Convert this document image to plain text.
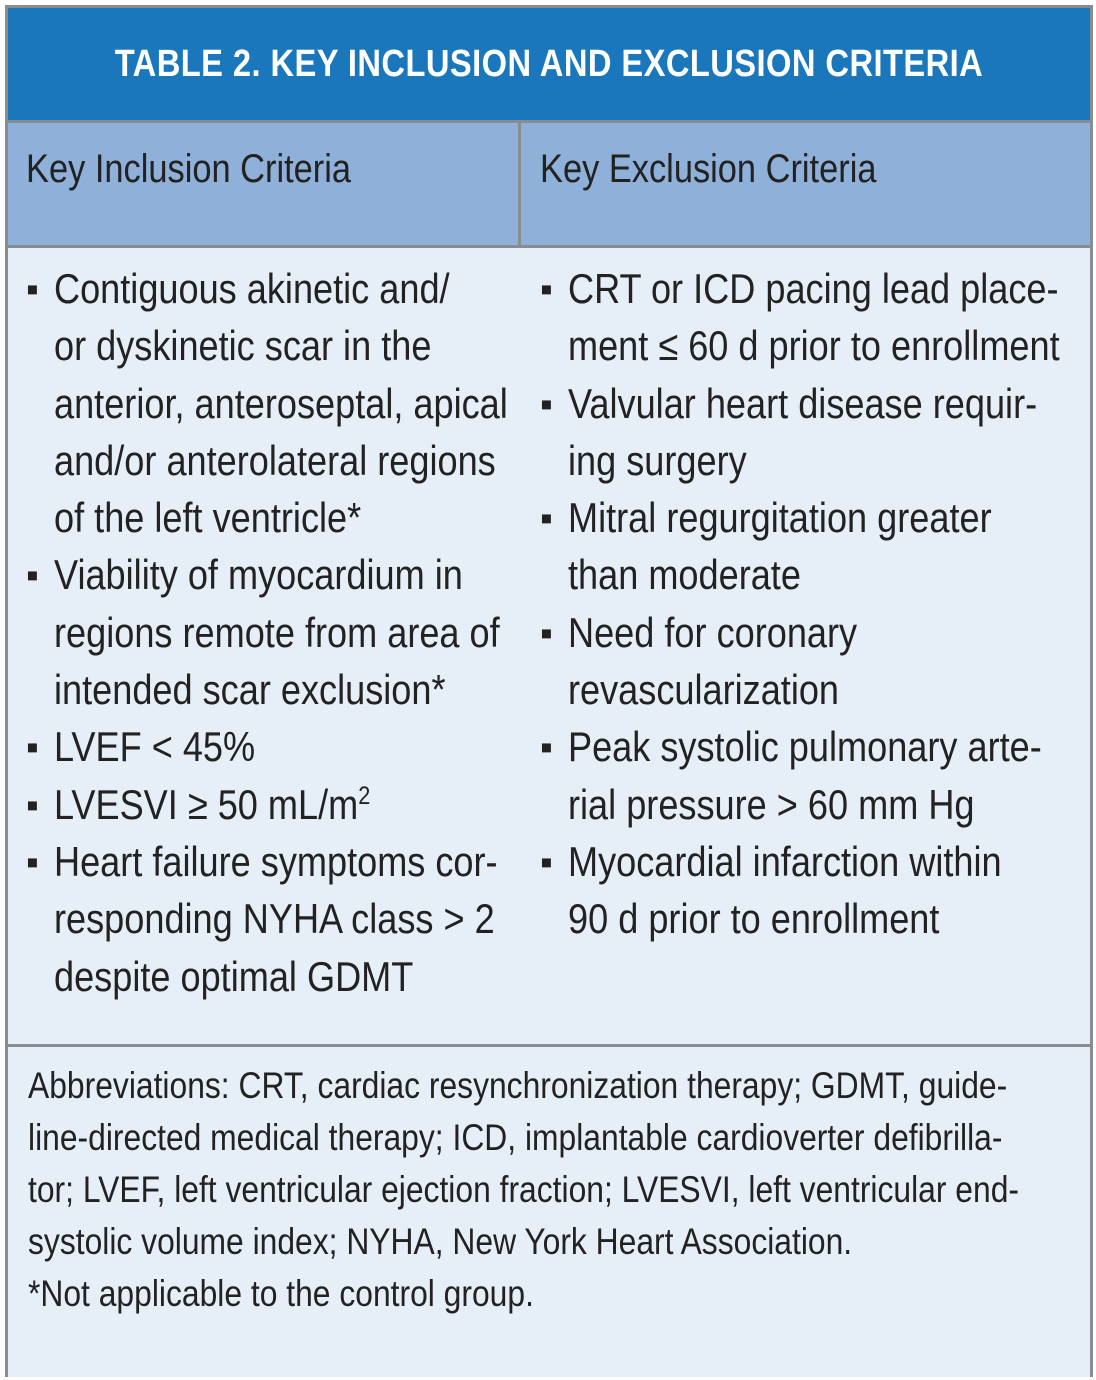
TABLE 2. KEY INCLUSION AND EXCLUSION CRITERIA
Key Inclusion Criteria	Key Exclusion Criteria
▪ Contiguous akinetic and/
or dyskinetic scar in the
anterior, anteroseptal, apical
and/or anterolateral regions
of the left ventricle*
▪ Viability of myocardium in
regions remote from area of
intended scar exclusion*
▪ LVEF < 45%
▪ LVESVI ≥ 50 $mL/m^2$
▪ Heart failure symptoms cor-
responding NYHA class > 2
despite optimal GDMT
▪ CRT or ICD pacing lead place-
ment ≤ 60 d prior to enrollment
▪ Valvular heart disease requir-
ing surgery
▪ Mitral regurgitation greater
than moderate
▪ Need for coronary
revascularization
▪ Peak systolic pulmonary arte-
rial pressure > 60 mm Hg
▪ Myocardial infarction within
90 d prior to enrollment
Abbreviations: CRT, cardiac resynchronization therapy; GDMT, guide-
line-directed medical therapy; ICD, implantable cardioverter defibrilla-
tor; LVEF, left ventricular ejection fraction; LVESVI, left ventricular end-
systolic volume index; NYHA, New York Heart Association.
*Not applicable to the control group.
